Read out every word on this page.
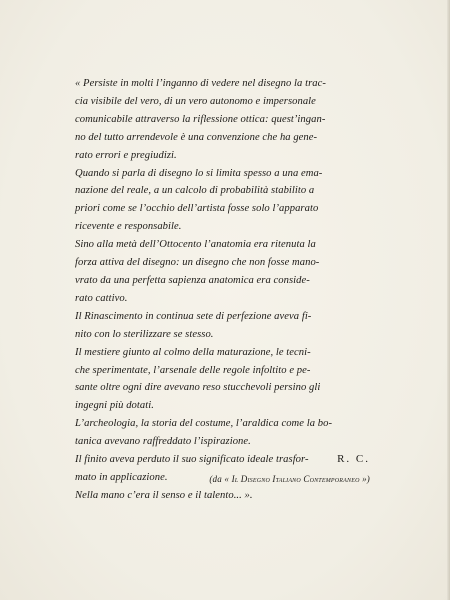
« Persiste in molti l’inganno di vedere nel disegno la trac-
cia visibile del vero, di un vero autonomo e impersonale
comunicabile attraverso la riflessione ottica: quest’ingan-
no del tutto arrendevole è una convenzione che ha gene-
rato errori e pregiudizi.
Quando si parla di disegno lo si limita spesso a una ema-
nazione del reale, a un calcolo di probabilità stabilito a
priori come se l’occhio dell’artista fosse solo l’apparato
ricevente e responsabile.
Sino alla metà dell’Ottocento l’anatomia era ritenuta la
forza attiva del disegno: un disegno che non fosse mano-
vrato da una perfetta sapienza anatomica era conside-
rato cattivo.
Il Rinascimento in continua sete di perfezione aveva fi-
nito con lo sterilizzare se stesso.
Il mestiere giunto al colmo della maturazione, le tecni-
che sperimentate, l’arsenale delle regole infoltito e pe-
sante oltre ogni dire avevano reso stucchevoli persino gli
ingegni più dotati.
L’archeologia, la storia del costume, l’araldica come la bo-
tanica avevano raffreddato l’ispirazione.
Il finito aveva perduto il suo significato ideale trasfor-
mato in applicazione.
Nella mano c’era il senso e il talento... ».
R. C.
(da « Il Disegno Italiano Contemporaneo »)
